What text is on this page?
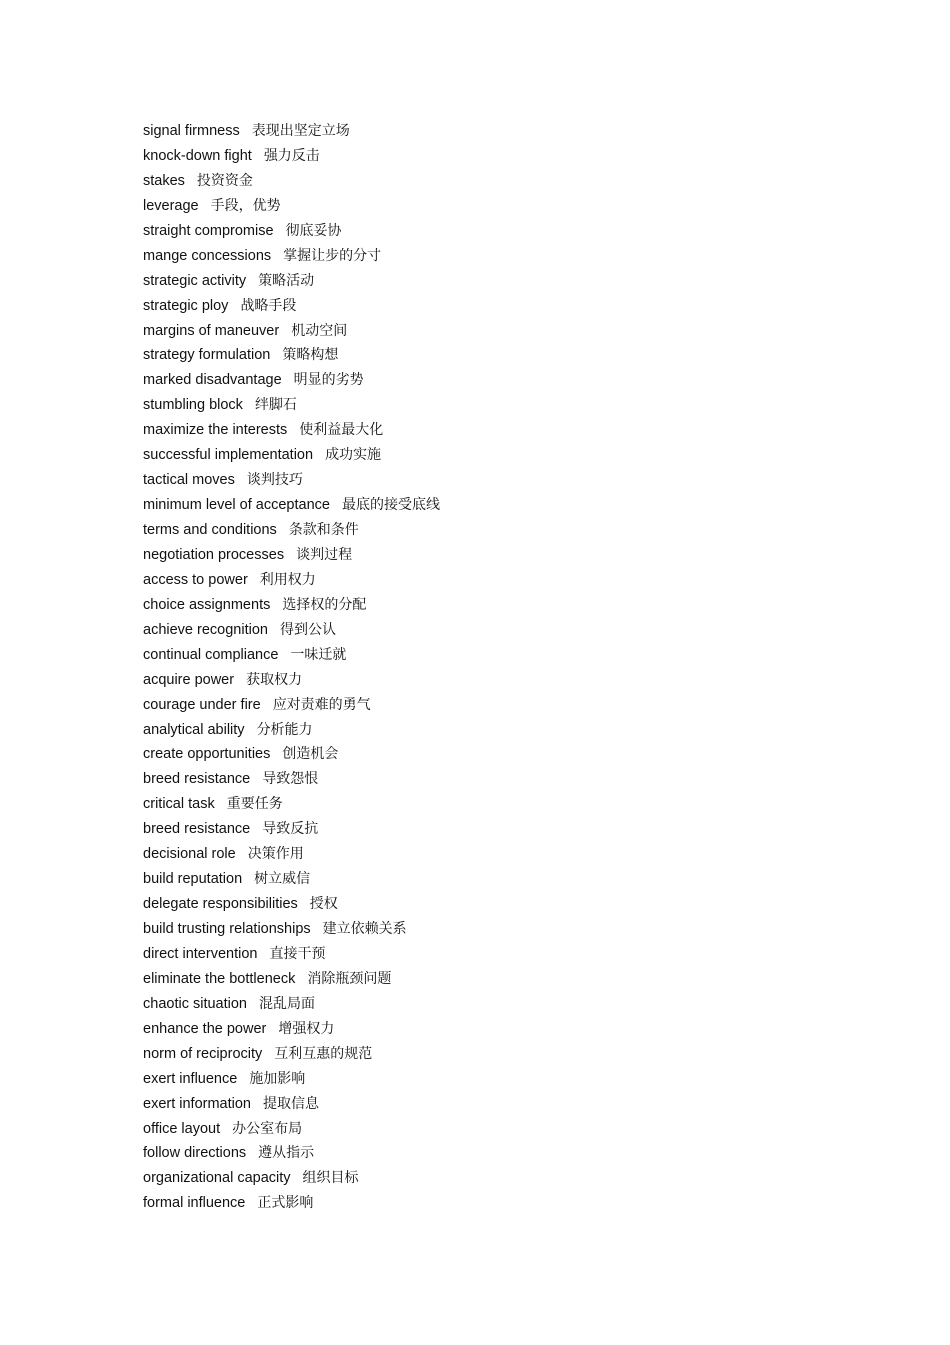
signal firmness 表现出坚定立场
knock-down fight 强力反击
stakes 投资资金
leverage 手段，优势
straight compromise 彻底妥协
mange concessions 掌握让步的分寸
strategic activity 策略活动
strategic ploy 战略手段
margins of maneuver 机动空间
strategy formulation 策略构想
marked disadvantage 明显的劣势
stumbling block 绊脚石
maximize the interests 使利益最大化
successful implementation 成功实施
tactical moves 谈判技巧
minimum level of acceptance 最底的接受底线
terms and conditions 条款和条件
negotiation processes 谈判过程
access to power 利用权力
choice assignments 选择权的分配
achieve recognition 得到公认
continual compliance 一味迁就
acquire power 获取权力
courage under fire 应对责难的勇气
analytical ability 分析能力
create opportunities 创造机会
breed resistance 导致怨恨
critical task 重要任务
breed resistance 导致反抗
decisional role 决策作用
build reputation 树立威信
delegate responsibilities 授权
build trusting relationships 建立依赖关系
direct intervention 直接干预
eliminate the bottleneck 消除瓶颈问题
chaotic situation 混乱局面
enhance the power 增强权力
norm of reciprocity 互利互惠的规范
exert influence 施加影响
exert information 提取信息
office layout 办公室布局
follow directions 遵从指示
organizational capacity 组织目标
formal influence 正式影响
